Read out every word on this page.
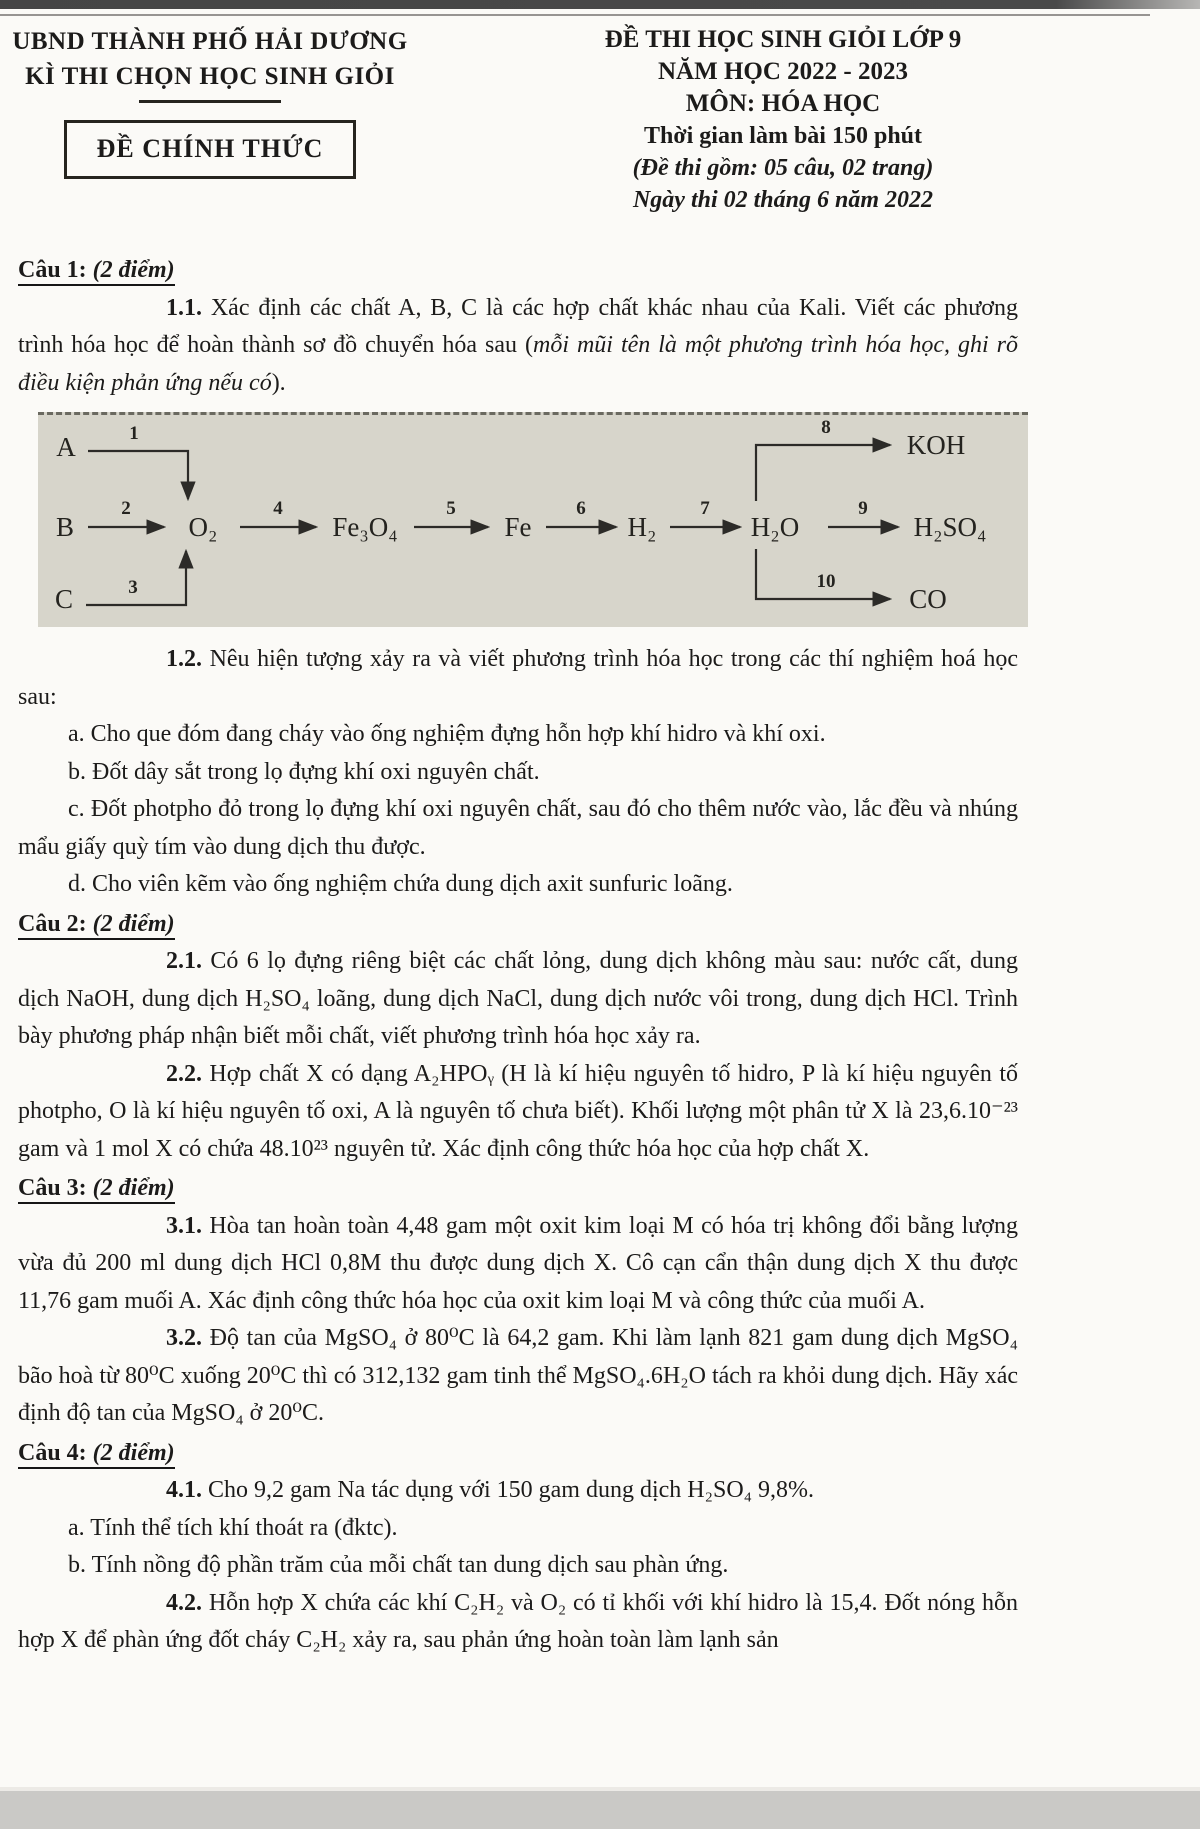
UBND THÀNH PHỐ HẢI DƯƠNG
KÌ THI CHỌN HỌC SINH GIỎI
ĐỀ CHÍNH THỨC
ĐỀ THI HỌC SINH GIỎI LỚP 9
NĂM HỌC 2022 - 2023
MÔN: HÓA HỌC
Thời gian làm bài 150 phút
(Đề thi gồm: 05 câu, 02 trang)
Ngày thi 02 tháng 6 năm 2022
Câu 1: (2 điểm)

1.1. Xác định các chất A, B, C là các hợp chất khác nhau của Kali. Viết các phương trình hóa học để hoàn thành sơ đồ chuyển hóa sau (mỗi mũi tên là một phương trình hóa học, ghi rõ điều kiện phản ứng nếu có).

A	1	8
KOH
B
2
O₂
4
Fe₃O₄
5
Fe
6
H₂
7
H₂O
9
H₂SO₄
C	3	10
CO

1.2. Nêu hiện tượng xảy ra và viết phương trình hóa học trong các thí nghiệm hoá học sau:

a. Cho que đóm đang cháy vào ống nghiệm đựng hỗn hợp khí hidro và khí oxi.

b. Đốt dây sắt trong lọ đựng khí oxi nguyên chất.

c. Đốt photpho đỏ trong lọ đựng khí oxi nguyên chất, sau đó cho thêm nước vào, lắc đều và nhúng mẩu giấy quỳ tím vào dung dịch thu được.

d. Cho viên kẽm vào ống nghiệm chứa dung dịch axit sunfuric loãng.

Câu 2: (2 điểm)

2.1. Có 6 lọ đựng riêng biệt các chất lỏng, dung dịch không màu sau: nước cất, dung dịch NaOH, dung dịch H₂SO₄ loãng, dung dịch NaCl, dung dịch nước vôi trong, dung dịch HCl. Trình bày phương pháp nhận biết mỗi chất, viết phương trình hóa học xảy ra.

2.2. Hợp chất X có dạng A₂HPOᵧ (H là kí hiệu nguyên tố hidro, P là kí hiệu nguyên tố photpho, O là kí hiệu nguyên tố oxi, A là nguyên tố chưa biết). Khối lượng một phân tử X là 23,6.10⁻²³ gam và 1 mol X có chứa 48.10²³ nguyên tử. Xác định công thức hóa học của hợp chất X.

Câu 3: (2 điểm)

3.1. Hòa tan hoàn toàn 4,48 gam một oxit kim loại M có hóa trị không đổi bằng lượng vừa đủ 200 ml dung dịch HCl 0,8M thu được dung dịch X. Cô cạn cẩn thận dung dịch X thu được 11,76 gam muối A. Xác định công thức hóa học của oxit kim loại M và công thức của muối A.

3.2. Độ tan của MgSO₄ ở 80⁰C là 64,2 gam. Khi làm lạnh 821 gam dung dịch MgSO₄ bão hoà từ 80⁰C xuống 20⁰C thì có 312,132 gam tinh thể MgSO₄.6H₂O tách ra khỏi dung dịch. Hãy xác định độ tan của MgSO₄ ở 20⁰C.

Câu 4: (2 điểm)

4.1. Cho 9,2 gam Na tác dụng với 150 gam dung dịch H₂SO₄ 9,8%.

a. Tính thể tích khí thoát ra (đktc).

b. Tính nồng độ phần trăm của mỗi chất tan dung dịch sau phàn ứng.

4.2. Hỗn hợp X chứa các khí C₂H₂ và O₂ có tỉ khối với khí hidro là 15,4. Đốt nóng hỗn hợp X để phàn ứng đốt cháy C₂H₂ xảy ra, sau phản ứng hoàn toàn làm lạnh sản
